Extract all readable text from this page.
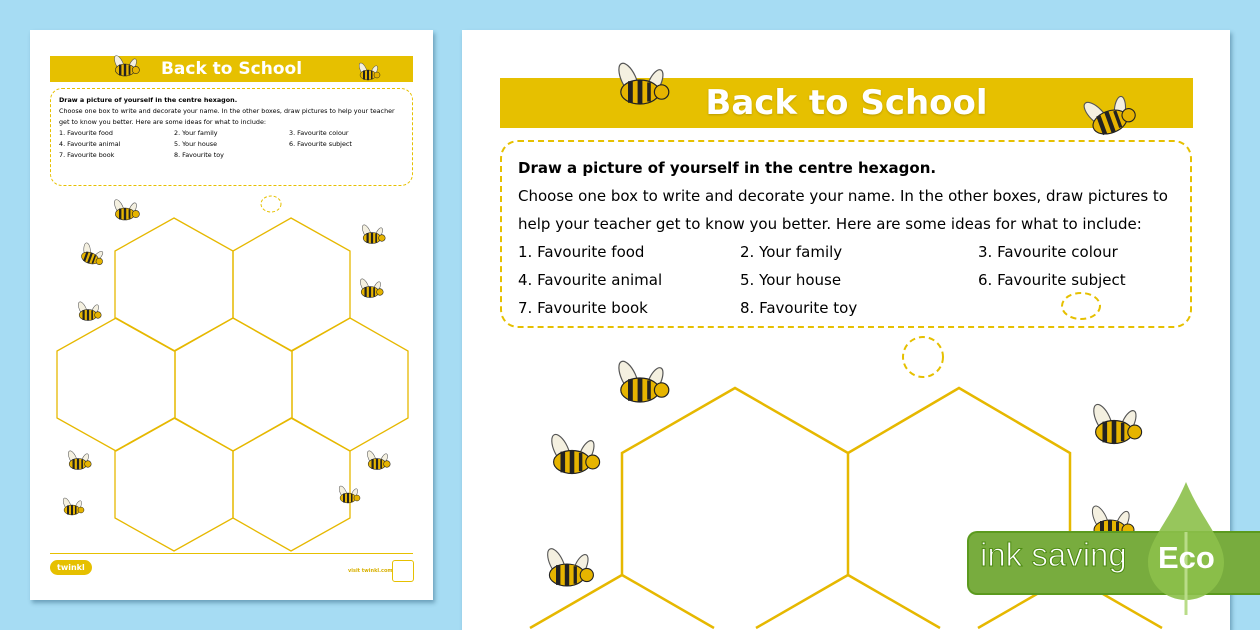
Back to School
Draw a picture of yourself in the centre hexagon.
Choose one box to write and decorate your name. In the other boxes, draw pictures to help your teacher get to know you better. Here are some ideas for what to include:
1. Favourite food	2. Your family	3. Favourite colour
4. Favourite animal	5. Your house	6. Favourite subject
7. Favourite book	8. Favourite toy
twinkl	visit twinkl.com
Back to School
Draw a picture of yourself in the centre hexagon.
Choose one box to write and decorate your name. In the other boxes, draw pictures to help your teacher get to know you better. Here are some ideas for what to include:
1. Favourite food	2. Your family	3. Favourite colour
4. Favourite animal	5. Your house	6. Favourite subject
7. Favourite book	8. Favourite toy
ink saving Eco
